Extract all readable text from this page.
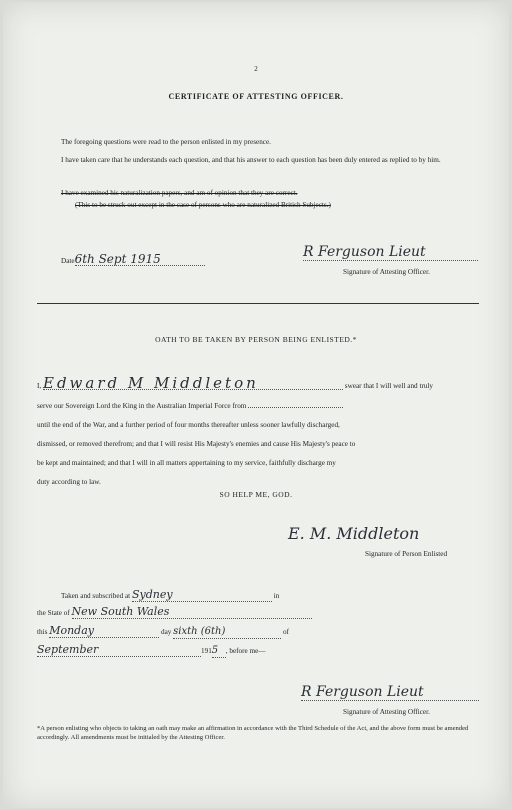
2
CERTIFICATE OF ATTESTING OFFICER.
The foregoing questions were read to the person enlisted in my presence.
I have taken care that he understands each question, and that his answer to each question has been duly entered as replied to by him.
I have examined his naturalization papers, and am of opinion that they are correct.
(This to be struck out except in the case of persons who are naturalized British Subjects.)
Date6th Sept 1915	R Ferguson Lieut
Signature of Attesting Officer.
OATH TO BE TAKEN BY PERSON BEING ENLISTED.*
I, Edward M Middleton	swear that I will well and truly
serve our Sovereign Lord the King in the Australian Imperial Force from
until the end of the War, and a further period of four months thereafter unless sooner lawfully discharged,
dismissed, or removed therefrom; and that I will resist His Majesty's enemies and cause His Majesty's peace to
be kept and maintained; and that I will in all matters appertaining to my service, faithfully discharge my
duty according to law.
SO HELP ME, GOD.
E. M. Middleton
Signature of Person Enlisted
Taken and subscribed at Sydney	in
the State of New South Wales
this Monday	day sixth (6th)	of
September	1915 , before me—
R Ferguson Lieut
Signature of Attesting Officer.
*A person enlisting who objects to taking an oath may make an affirmation in accordance with the Third Schedule of the Act, and the above form must be amended accordingly. All amendments must be initialed by the Attesting Officer.
